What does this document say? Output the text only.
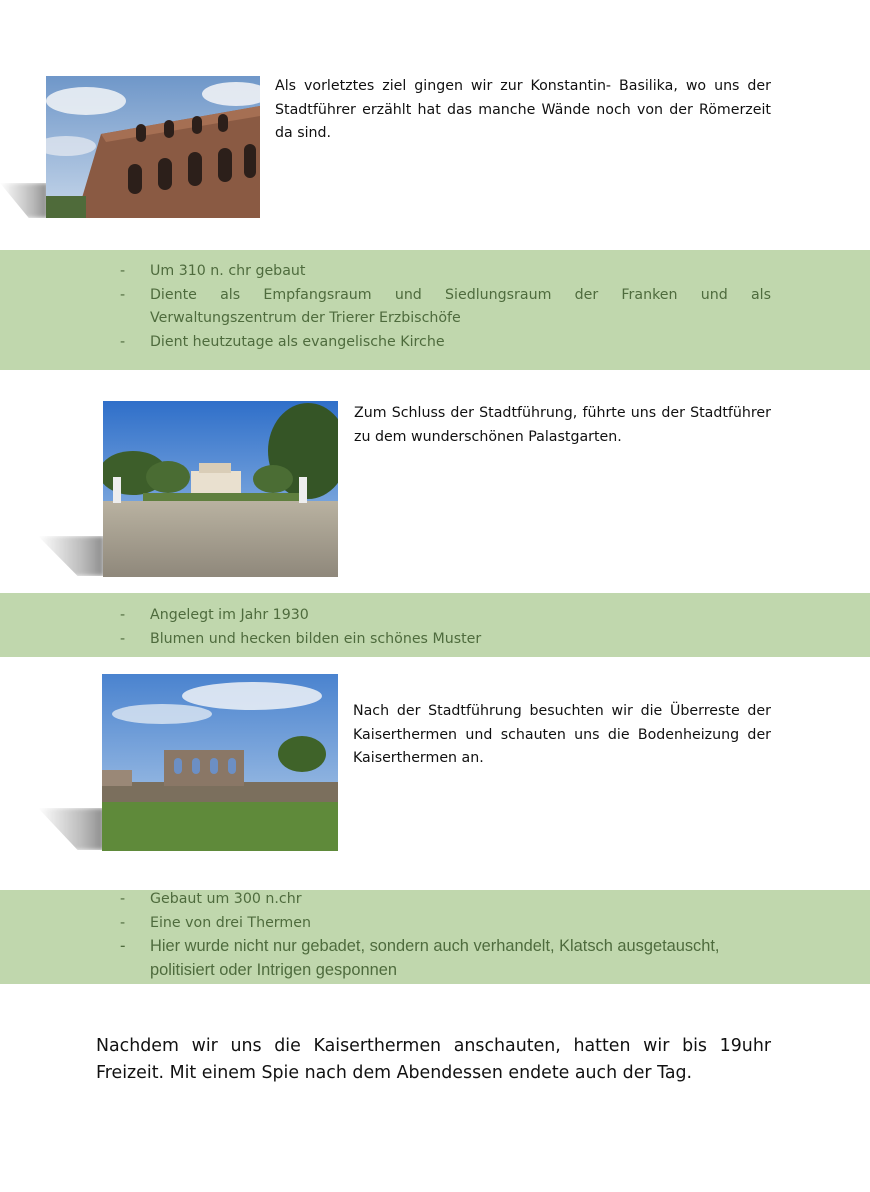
Als vorletztes ziel gingen wir zur Konstantin- Basilika, wo uns der Stadtführer erzählt hat das manche Wände noch von der Römerzeit da sind.
- Um 310 n. chr gebaut
- Diente als Empfangsraum und Siedlungsraum der Franken und als Verwaltungszentrum der Trierer Erzbischöfe
- Dient heutzutage als evangelische Kirche
Zum Schluss der Stadtführung, führte uns der Stadtführer zu dem wunderschönen Palastgarten.
- Angelegt im Jahr 1930
- Blumen und hecken bilden ein schönes Muster
Nach der Stadtführung besuchten wir die Überreste der Kaiserthermen und schauten uns die Bodenheizung der Kaiserthermen an.
- Gebaut um 300 n.chr
- Eine von drei Thermen
- Hier wurde nicht nur gebadet, sondern auch verhandelt, Klatsch ausgetauscht, politisiert oder Intrigen gesponnen
Nachdem wir uns die Kaiserthermen anschauten, hatten wir bis 19uhr Freizeit. Mit einem Spie nach dem Abendessen endete auch der Tag.
